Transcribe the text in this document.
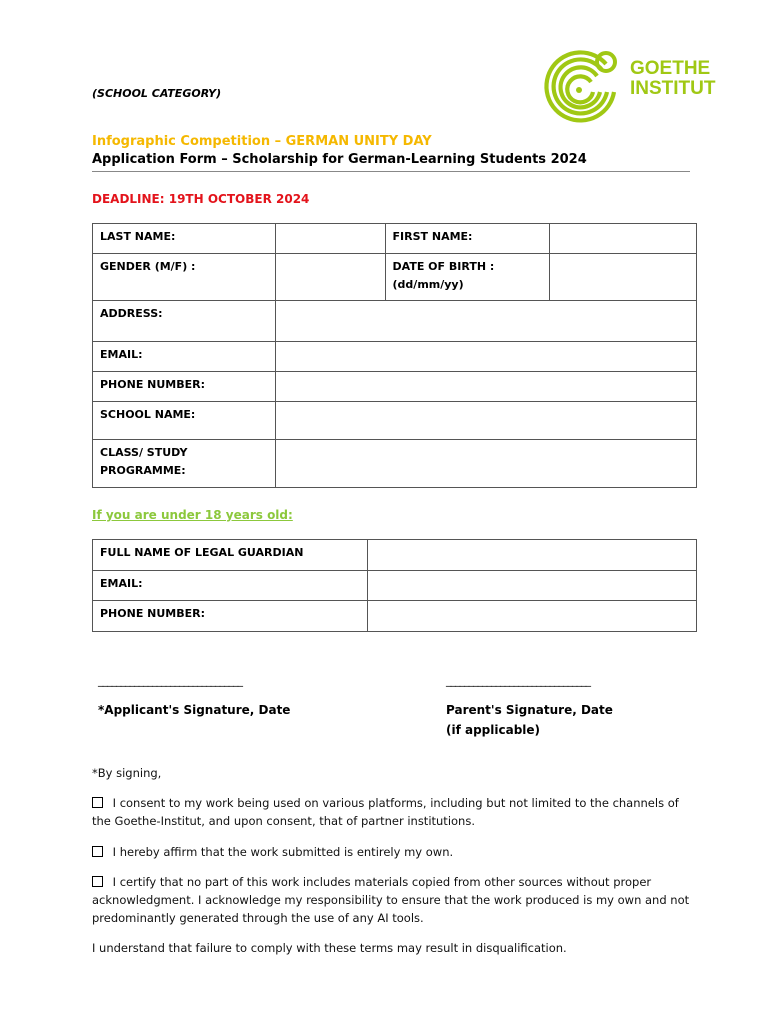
(SCHOOL CATEGORY)
GOETHE
INSTITUT
Infographic Competition – GERMAN UNITY DAY
Application Form – Scholarship for German-Learning Students 2024
DEADLINE: 19TH OCTOBER 2024
LAST NAME:		FIRST NAME:	
GENDER (M/F) :		DATE OF BIRTH :
(dd/mm/yy)	

ADDRESS:			
EMAIL:			
PHONE NUMBER:			
SCHOOL NAME:			

CLASS/ STUDY
PROGRAMME:			

If you are under 18 years old:
FULL NAME OF LEGAL GUARDIAN	
EMAIL:	
PHONE NUMBER:	
________________________________	________________________________
*Applicant's Signature, Date	Parent's Signature, Date
(if applicable)
*By signing,
I consent to my work being used on various platforms, including but not limited to the channels of the Goethe-Institut, and upon consent, that of partner institutions.
I hereby affirm that the work submitted is entirely my own.
I certify that no part of this work includes materials copied from other sources without proper acknowledgment. I acknowledge my responsibility to ensure that the work produced is my own and not predominantly generated through the use of any AI tools.
I understand that failure to comply with these terms may result in disqualification.
